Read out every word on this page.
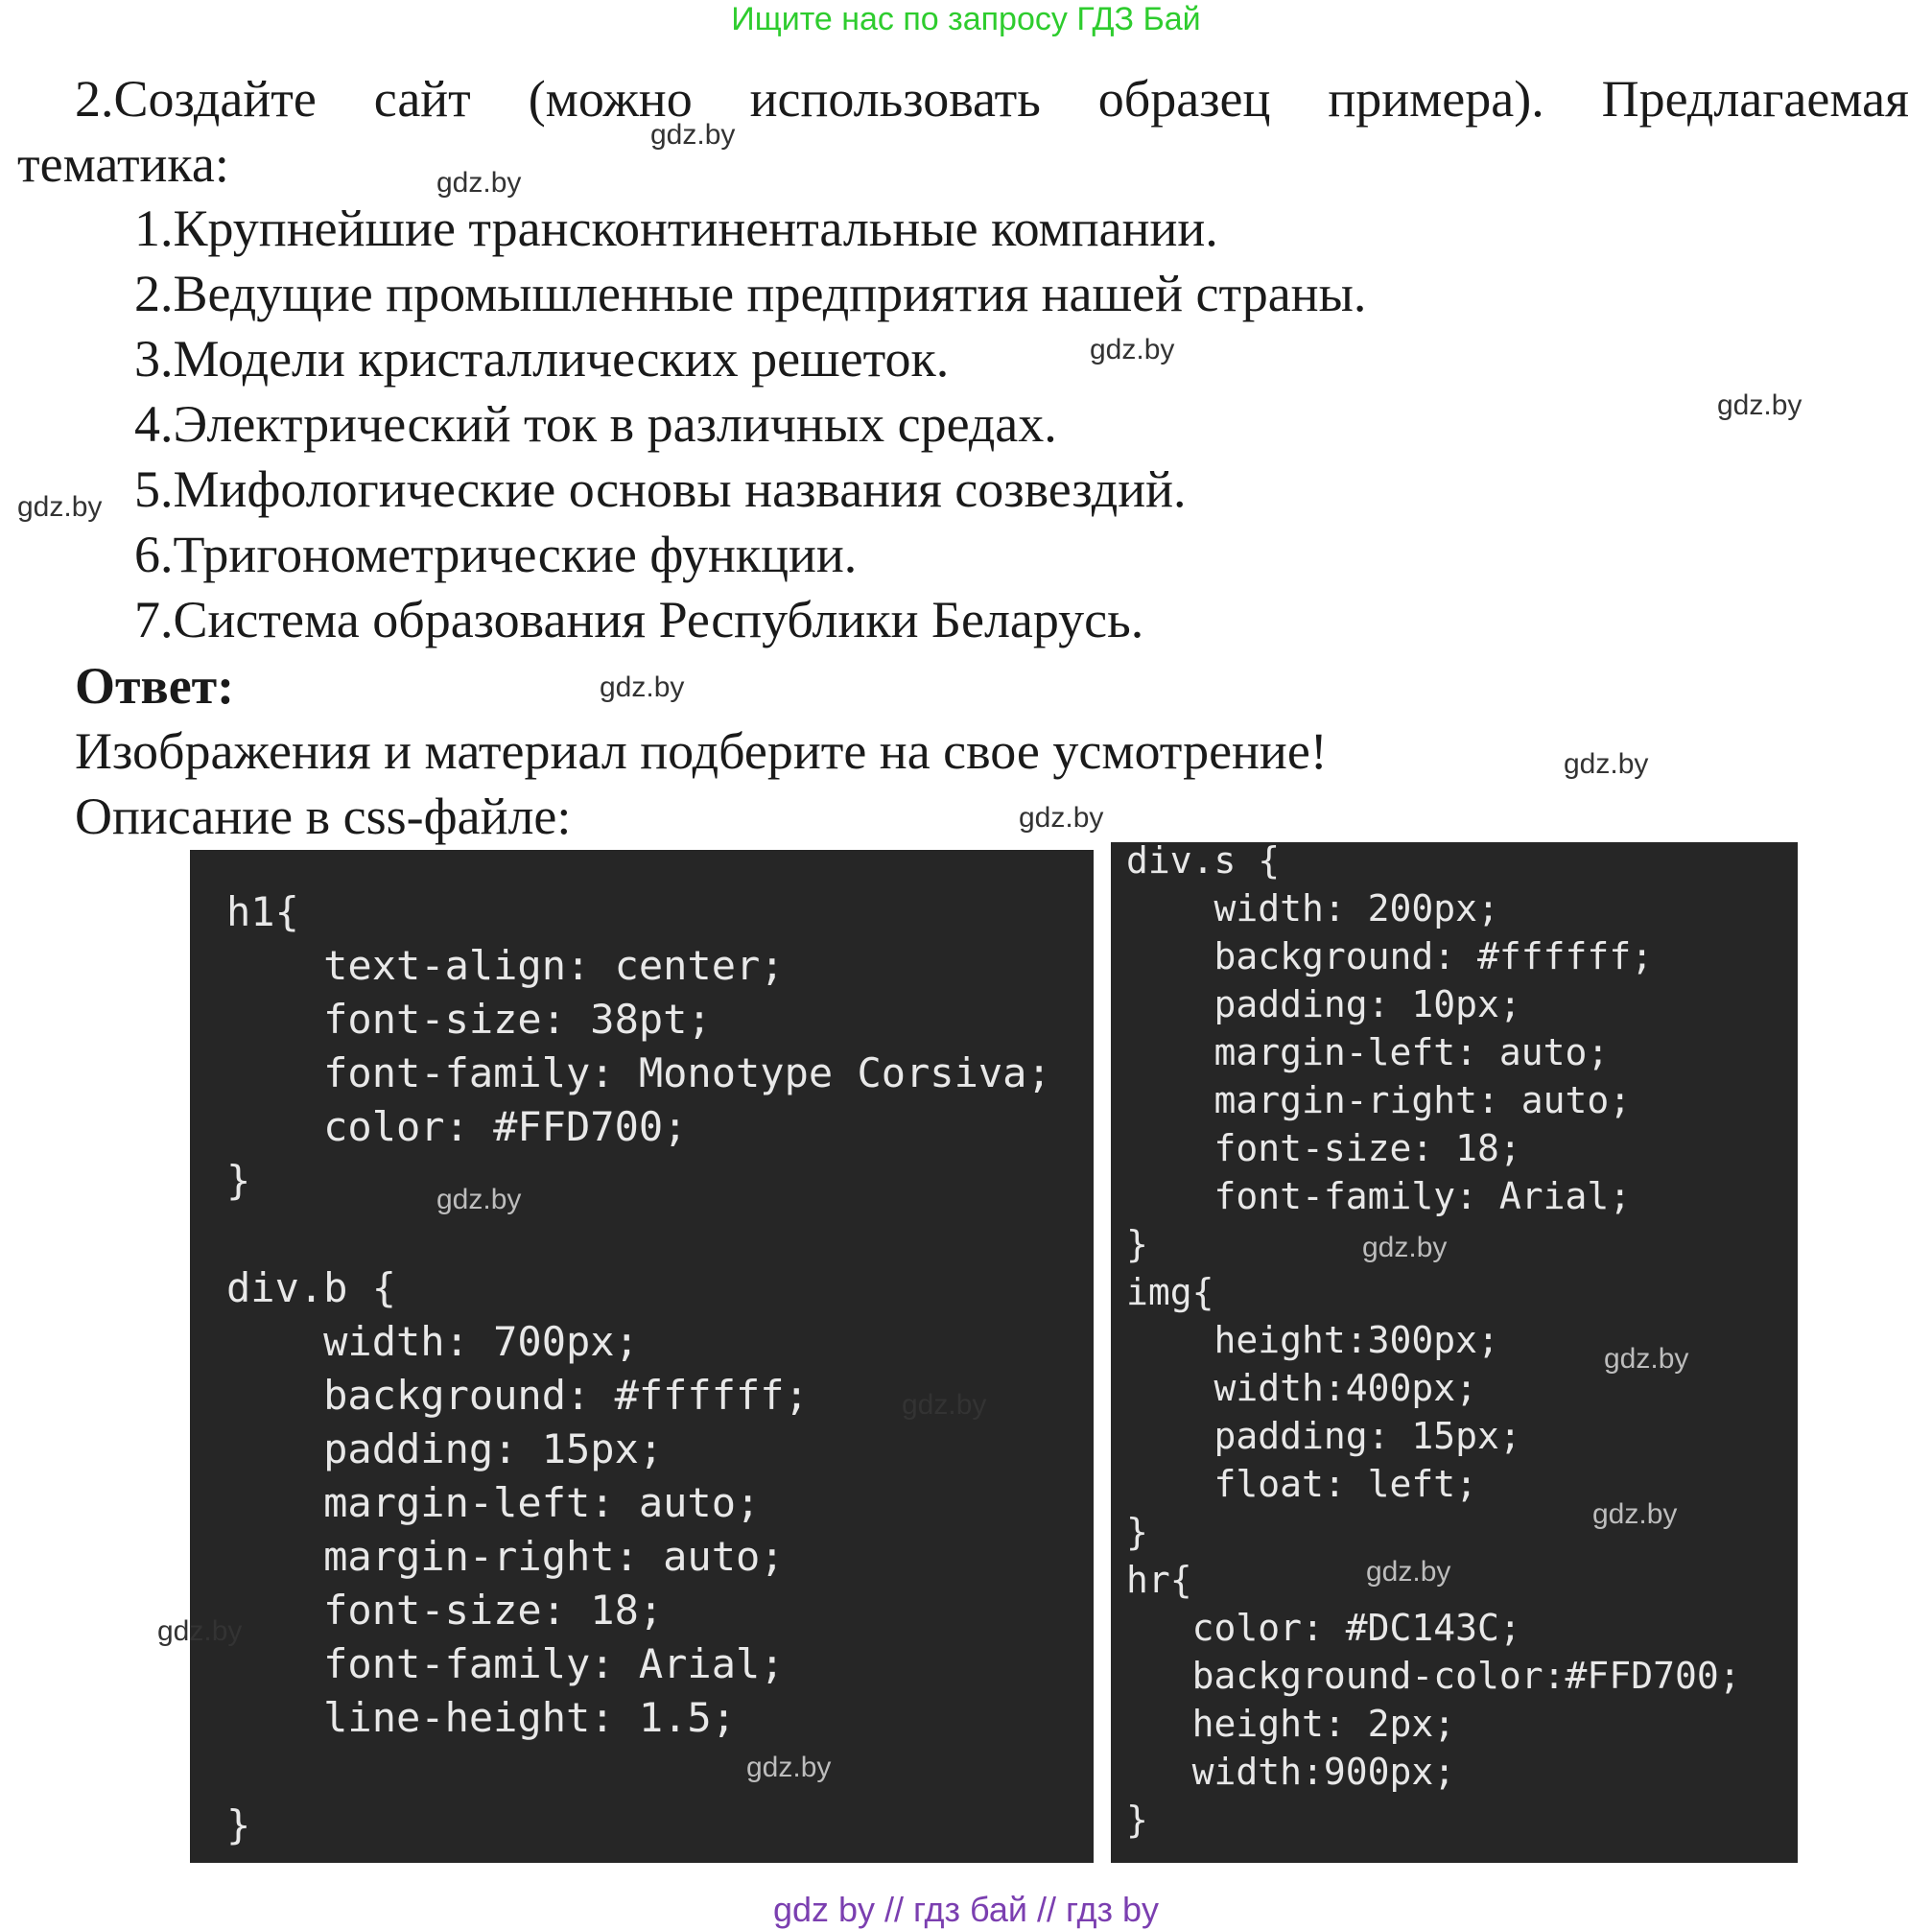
Ищите нас по запросу ГДЗ Бай
2.Создайте сайт (можно использовать образец примера). Предлагаемая
тематика:
1.Крупнейшие трансконтинентальные компании.
2.Ведущие промышленные предприятия нашей страны.
3.Модели кристаллических решеток.
4.Электрический ток в различных средах.
5.Мифологические основы названия созвездий.
6.Тригонометрические функции.
7.Система образования Республики Беларусь.
Ответ:
Изображения и материал подберите на свое усмотрение!
Описание в css-файле:
h1{
text-align: center;
font-size: 38pt;
font-family: Monotype Corsiva;
color: #FFD700;
}
div.b {
width: 700px;
background: #ffffff;
padding: 15px;
margin-left: auto;
margin-right: auto;
font-size: 18;
font-family: Arial;
line-height: 1.5;
}
div.s {
width: 200px;
background: #ffffff;
padding: 10px;
margin-left: auto;
margin-right: auto;
font-size: 18;
font-family: Arial;
}
img{
height:300px;
width:400px;
padding: 15px;
float: left;
}
hr{
color: #DC143C;
background-color:#FFD700;
height: 2px;
width:900px;
}
gdz.by
gdz.by
gdz.by
gdz.by
gdz.by
gdz.by
gdz.by
gdz.by
gdz.by
gdz.by
gdz.by
gdz.by
gdz.by
gdz.by
gdz.by
gdz.by
gdz by // гдз бай // гдз by
